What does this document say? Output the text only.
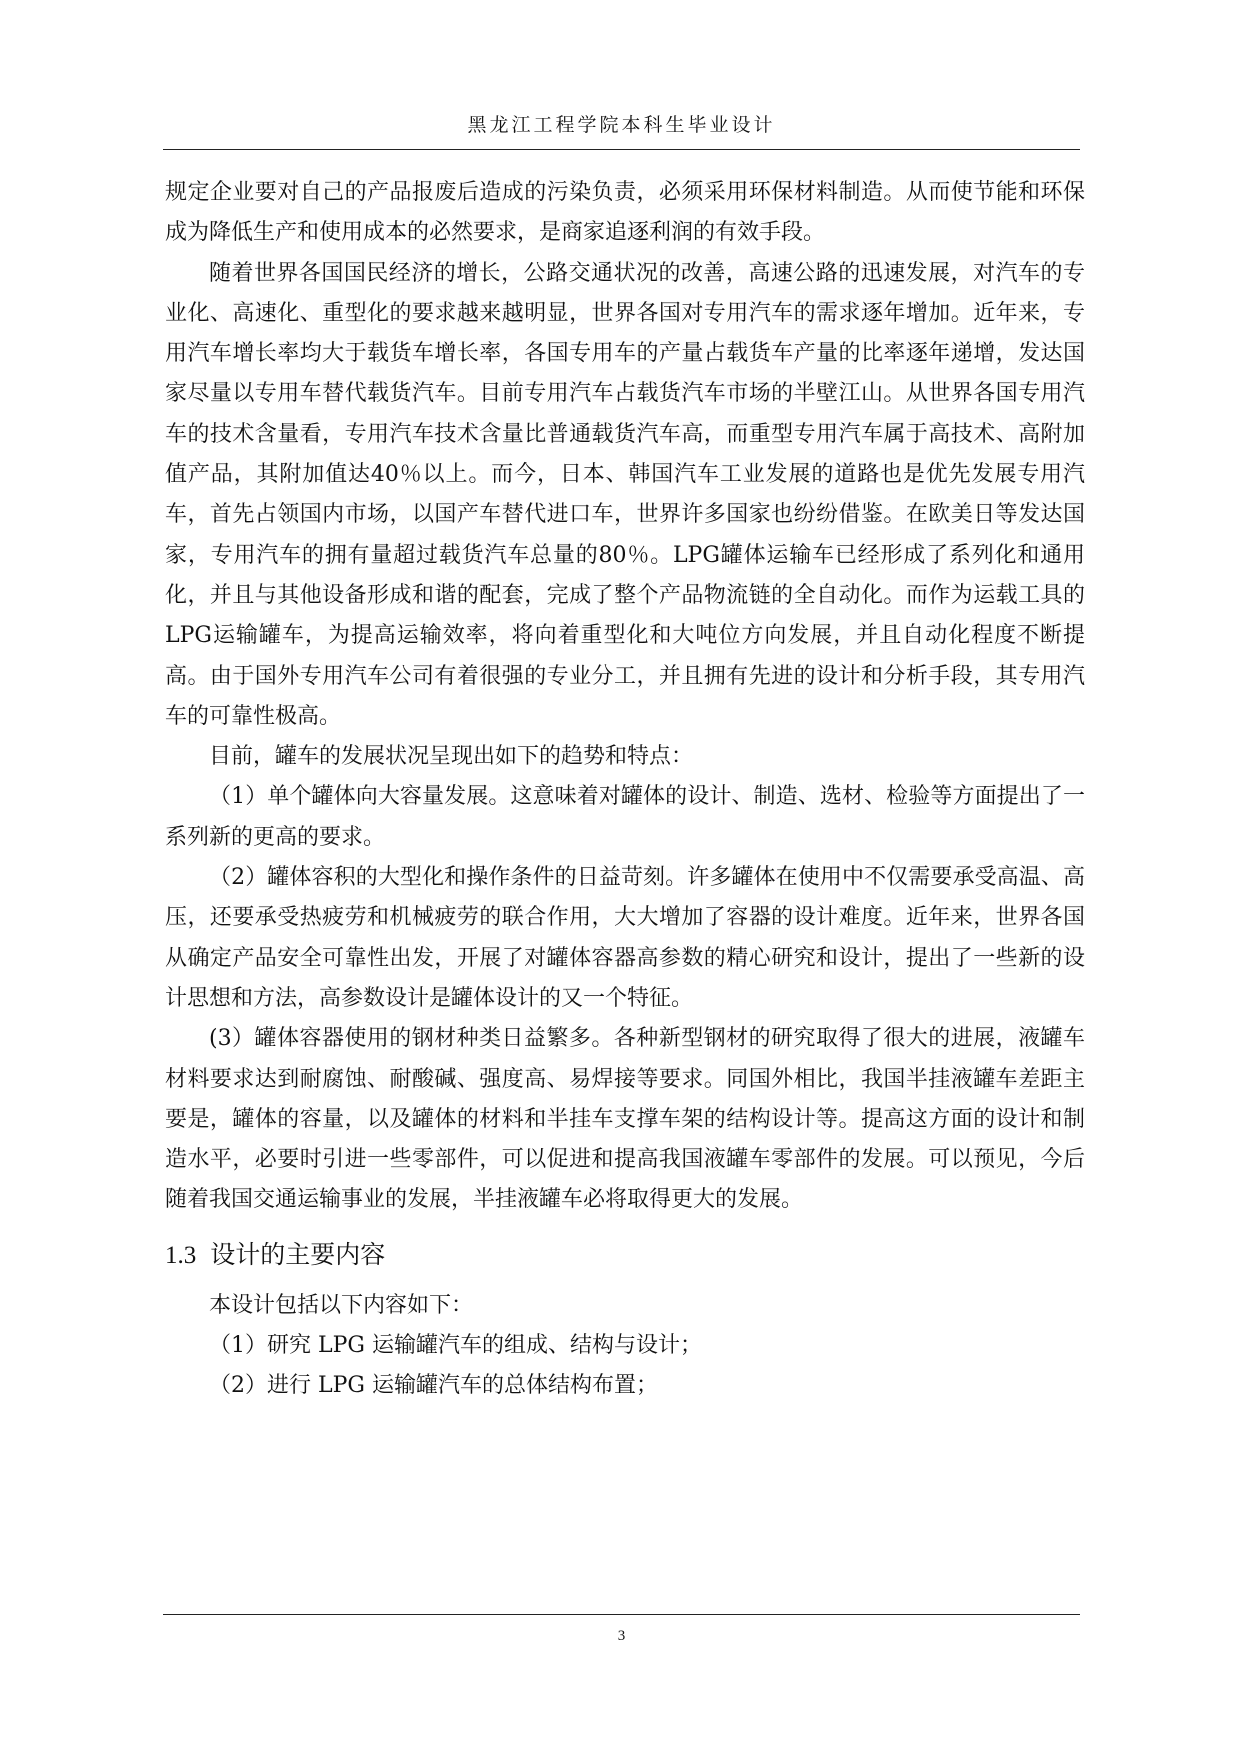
黑龙江工程学院本科生毕业设计

规定企业要对自己的产品报废后造成的污染负责，必须采用环保材料制造。从而使节能和环保成为降低生产和使用成本的必然要求，是商家追逐利润的有效手段。

随着世界各国国民经济的增长，公路交通状况的改善，高速公路的迅速发展，对汽车的专业化、高速化、重型化的要求越来越明显，世界各国对专用汽车的需求逐年增加。近年来，专用汽车增长率均大于载货车增长率，各国专用车的产量占载货车产量的比率逐年递增，发达国家尽量以专用车替代载货汽车。目前专用汽车占载货汽车市场的半壁江山。从世界各国专用汽车的技术含量看，专用汽车技术含量比普通载货汽车高，而重型专用汽车属于高技术、高附加值产品，其附加值达40％以上。而今，日本、韩国汽车工业发展的道路也是优先发展专用汽车，首先占领国内市场，以国产车替代进口车，世界许多国家也纷纷借鉴。在欧美日等发达国家，专用汽车的拥有量超过载货汽车总量的80％。LPG罐体运输车已经形成了系列化和通用化，并且与其他设备形成和谐的配套，完成了整个产品物流链的全自动化。而作为运载工具的LPG运输罐车，为提高运输效率，将向着重型化和大吨位方向发展，并且自动化程度不断提高。由于国外专用汽车公司有着很强的专业分工，并且拥有先进的设计和分析手段，其专用汽车的可靠性极高。

目前，罐车的发展状况呈现出如下的趋势和特点：

（1）单个罐体向大容量发展。这意味着对罐体的设计、制造、选材、检验等方面提出了一系列新的更高的要求。

（2）罐体容积的大型化和操作条件的日益苛刻。许多罐体在使用中不仅需要承受高温、高压，还要承受热疲劳和机械疲劳的联合作用，大大增加了容器的设计难度。近年来，世界各国从确定产品安全可靠性出发，开展了对罐体容器高参数的精心研究和设计，提出了一些新的设计思想和方法，高参数设计是罐体设计的又一个特征。

(3）罐体容器使用的钢材种类日益繁多。各种新型钢材的研究取得了很大的进展，液罐车材料要求达到耐腐蚀、耐酸碱、强度高、易焊接等要求。同国外相比，我国半挂液罐车差距主要是，罐体的容量，以及罐体的材料和半挂车支撑车架的结构设计等。提高这方面的设计和制造水平，必要时引进一些零部件，可以促进和提高我国液罐车零部件的发展。可以预见，今后随着我国交通运输事业的发展，半挂液罐车必将取得更大的发展。

1.3 设计的主要内容

本设计包括以下内容如下：

（1）研究 LPG 运输罐汽车的组成、结构与设计；

（2）进行 LPG 运输罐汽车的总体结构布置；

3
